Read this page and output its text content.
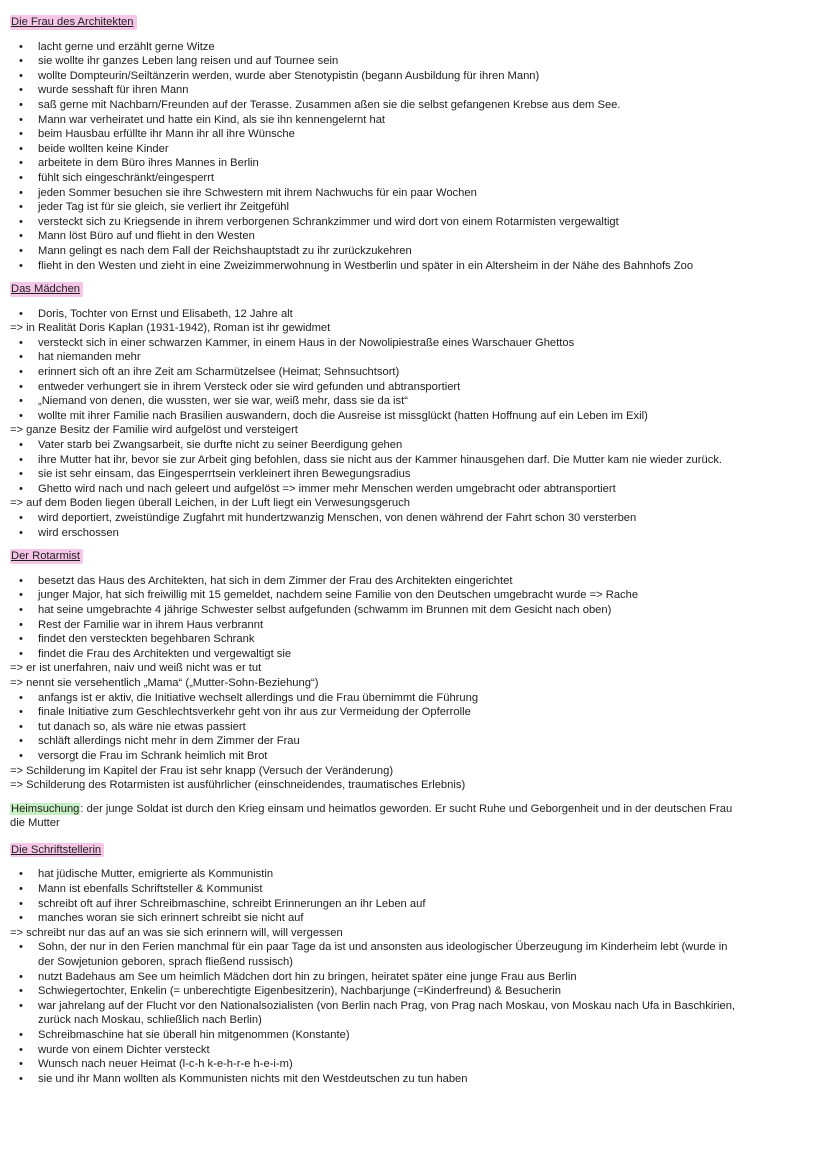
Die Frau des Architekten
• lacht gerne und erzählt gerne Witze
• sie wollte ihr ganzes Leben lang reisen und auf Tournee sein
• wollte Dompteurin/Seiltänzerin werden, wurde aber Stenotypistin (begann Ausbildung für ihren Mann)
• wurde sesshaft für ihren Mann
• saß gerne mit Nachbarn/Freunden auf der Terasse. Zusammen aßen sie die selbst gefangenen Krebse aus dem See.
• Mann war verheiratet und hatte ein Kind, als sie ihn kennengelernt hat
• beim Hausbau erfüllte ihr Mann ihr all ihre Wünsche
• beide wollten keine Kinder
• arbeitete in dem Büro ihres Mannes in Berlin
• fühlt sich eingeschränkt/eingesperrt
• jeden Sommer besuchen sie ihre Schwestern mit ihrem Nachwuchs für ein paar Wochen
• jeder Tag ist für sie gleich, sie verliert ihr Zeitgefühl
• versteckt sich zu Kriegsende in ihrem verborgenen Schrankzimmer und wird dort von einem Rotarmisten vergewaltigt
• Mann löst Büro auf und flieht in den Westen
• Mann gelingt es nach dem Fall der Reichshauptstadt zu ihr zurückzukehren
• flieht in den Westen und zieht in eine Zweizimmerwohnung in Westberlin und später in ein Altersheim in der Nähe des Bahnhofs Zoo
Das Mädchen
• Doris, Tochter von Ernst und Elisabeth, 12 Jahre alt
=> in Realität Doris Kaplan (1931-1942), Roman ist ihr gewidmet
• versteckt sich in einer schwarzen Kammer, in einem Haus in der Nowolipiestraße eines Warschauer Ghettos
• hat niemanden mehr
• erinnert sich oft an ihre Zeit am Scharmützelsee (Heimat; Sehnsuchtsort)
• entweder verhungert sie in ihrem Versteck oder sie wird gefunden und abtransportiert
• „Niemand von denen, die wussten, wer sie war, weiß mehr, dass sie da ist“
• wollte mit ihrer Familie nach Brasilien auswandern, doch die Ausreise ist missglückt (hatten Hoffnung auf ein Leben im Exil)
=> ganze Besitz der Familie wird aufgelöst und versteigert
• Vater starb bei Zwangsarbeit, sie durfte nicht zu seiner Beerdigung gehen
• ihre Mutter hat ihr, bevor sie zur Arbeit ging befohlen, dass sie nicht aus der Kammer hinausgehen darf. Die Mutter kam nie wieder zurück.
• sie ist sehr einsam, das Eingesperrtsein verkleinert ihren Bewegungsradius
• Ghetto wird nach und nach geleert und aufgelöst => immer mehr Menschen werden umgebracht oder abtransportiert
=> auf dem Boden liegen überall Leichen, in der Luft liegt ein Verwesungsgeruch
• wird deportiert, zweistündige Zugfahrt mit hundertzwanzig Menschen, von denen während der Fahrt schon 30 versterben
• wird erschossen
Der Rotarmist
• besetzt das Haus des Architekten, hat sich in dem Zimmer der Frau des Architekten eingerichtet
• junger Major, hat sich freiwillig mit 15 gemeldet, nachdem seine Familie von den Deutschen umgebracht wurde => Rache
• hat seine umgebrachte 4 jährige Schwester selbst aufgefunden (schwamm im Brunnen mit dem Gesicht nach oben)
• Rest der Familie war in ihrem Haus verbrannt
• findet den versteckten begehbaren Schrank
• findet die Frau des Architekten und vergewaltigt sie
=> er ist unerfahren, naiv und weiß nicht was er tut
=> nennt sie versehentlich „Mama“ („Mutter-Sohn-Beziehung“)
• anfangs ist er aktiv, die Initiative wechselt allerdings und die Frau übernimmt die Führung
• finale Initiative zum Geschlechtsverkehr geht von ihr aus zur Vermeidung der Opferrolle
• tut danach so, als wäre nie etwas passiert
• schläft allerdings nicht mehr in dem Zimmer der Frau
• versorgt die Frau im Schrank heimlich mit Brot
=> Schilderung im Kapitel der Frau ist sehr knapp (Versuch der Veränderung)
=> Schilderung des Rotarmisten ist ausführlicher (einschneidendes, traumatisches Erlebnis)
Heimsuchung: der junge Soldat ist durch den Krieg einsam und heimatlos geworden. Er sucht Ruhe und Geborgenheit und in der deutschen Frau
die Mutter
Die Schriftstellerin
• hat jüdische Mutter, emigrierte als Kommunistin
• Mann ist ebenfalls Schriftsteller & Kommunist
• schreibt oft auf ihrer Schreibmaschine, schreibt Erinnerungen an ihr Leben auf
• manches woran sie sich erinnert schreibt sie nicht auf
=> schreibt nur das auf an was sie sich erinnern will, will vergessen
• Sohn, der nur in den Ferien manchmal für ein paar Tage da ist und ansonsten aus ideologischer Überzeugung im Kinderheim lebt (wurde in
der Sowjetunion geboren, sprach fließend russisch)
• nutzt Badehaus am See um heimlich Mädchen dort hin zu bringen, heiratet später eine junge Frau aus Berlin
• Schwiegertochter, Enkelin (= unberechtigte Eigenbesitzerin), Nachbarjunge (=Kinderfreund) & Besucherin
• war jahrelang auf der Flucht vor den Nationalsozialisten (von Berlin nach Prag, von Prag nach Moskau, von Moskau nach Ufa in Baschkirien,
zurück nach Moskau, schließlich nach Berlin)
• Schreibmaschine hat sie überall hin mitgenommen (Konstante)
• wurde von einem Dichter versteckt
• Wunsch nach neuer Heimat (l-c-h k-e-h-r-e h-e-i-m)
• sie und ihr Mann wollten als Kommunisten nichts mit den Westdeutschen zu tun haben
